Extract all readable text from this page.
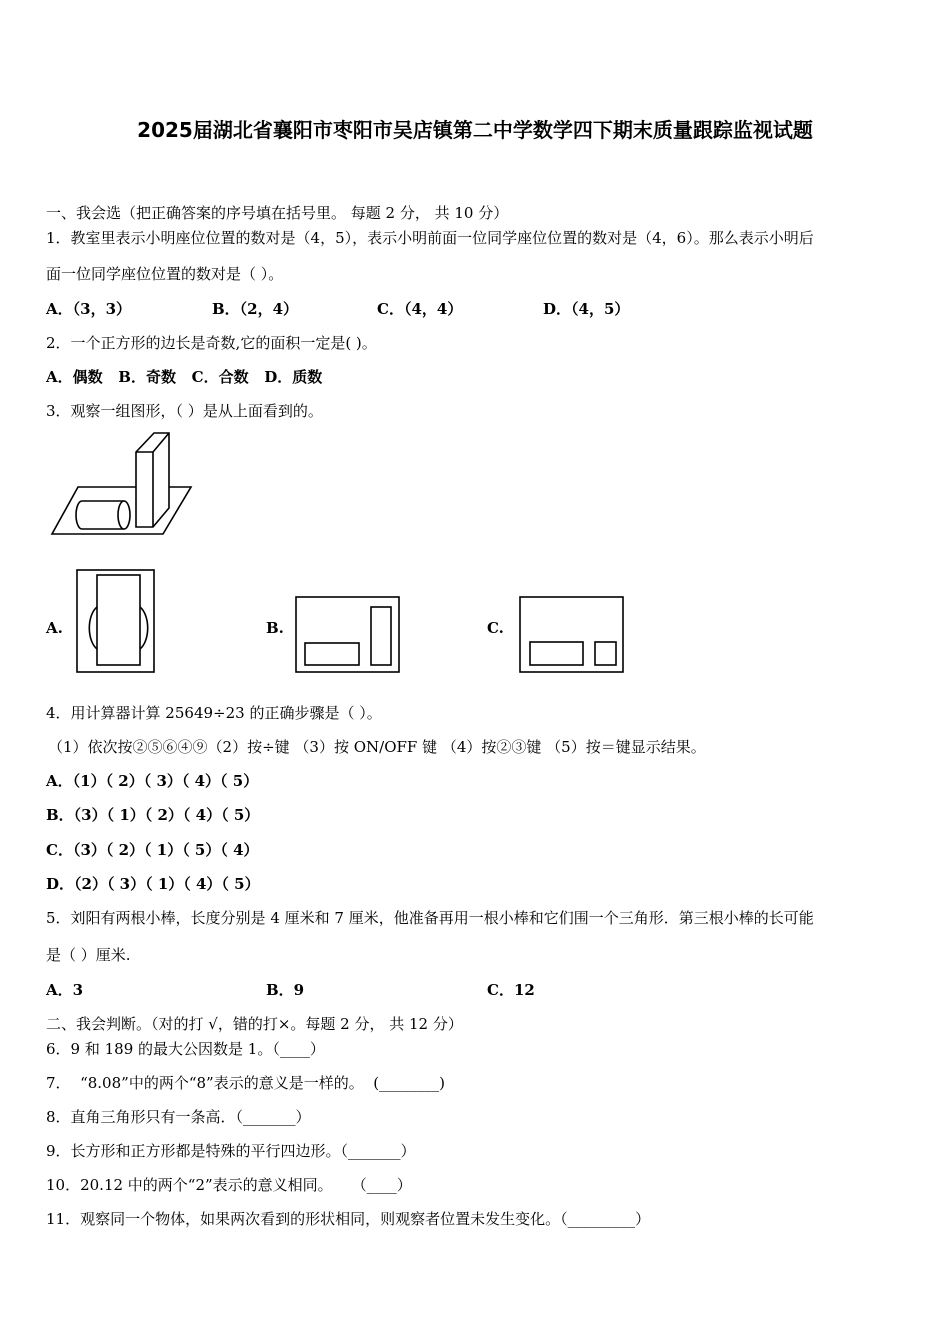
2025届湖北省襄阳市枣阳市吴店镇第二中学数学四下期末质量跟踪监视试题
一、我会选（把正确答案的序号填在括号里。 每题 2 分， 共 10 分）
1．教室里表示小明座位位置的数对是（4，5），表示小明前面一位同学座位位置的数对是（4，6）。那么表示小明后
面一位同学座位位置的数对是（ ）。
A．（3，3）	B．（2，4）	C．（4，4）	D．（4，5）
2．一个正方形的边长是奇数,它的面积一定是( )。
A．偶数   B．奇数   C．合数   D．质数
3．观察一组图形，（ ）是从上面看到的。
A.	B.	C.
4．用计算器计算 25649÷23 的正确步骤是（ ）。
（1）依次按②⑤⑥④⑨（2）按÷键 （3）按 ON/OFF 键 （4）按②③键 （5）按＝键显示结果。
A．（1）（ 2）（ 3）（ 4）（ 5）
B．（3）（ 1）（ 2）（ 4）（ 5）
C．（3）（ 2）（ 1）（ 5）（ 4）
D．（2）（ 3）（ 1）（ 4）（ 5）
5．刘阳有两根小棒，长度分别是 4 厘米和 7 厘米，他准备再用一根小棒和它们围一个三角形．第三根小棒的长可能
是（ ）厘米.
A．3	B．9	C．12
二、我会判断。（对的打 √，错的打×。每题 2 分， 共 12 分）
6．9 和 189 的最大公因数是 1。（____）
7．  “8.08”中的两个“8”表示的意义是一样的。  (________)
8．直角三角形只有一条高．（_______）
9．长方形和正方形都是特殊的平行四边形。（_______）
10．20.12 中的两个“2”表示的意义相同。    （____）
11．观察同一个物体，如果两次看到的形状相同，则观察者位置未发生变化。（_________）
